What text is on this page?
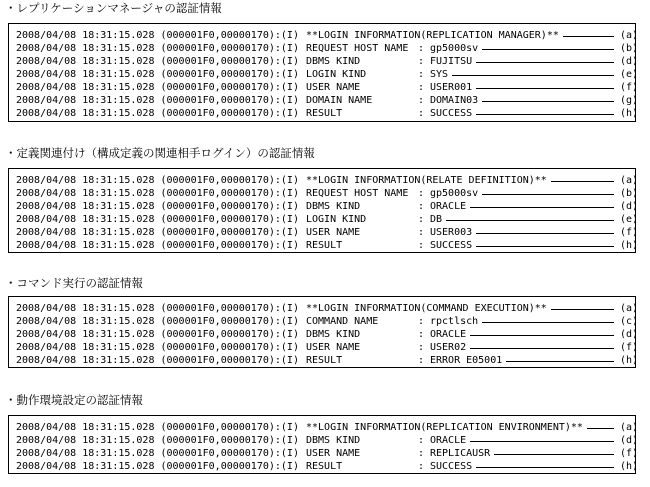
・レプリケーションマネージャの認証情報
2008/04/08 18:31:15.028 (000001F0,00000170):(I) **LOGIN INFORMATION(REPLICATION MANAGER)**	(a)
2008/04/08 18:31:15.028 (000001F0,00000170):(I) REQUEST HOST NAME : gp5000sv	(b)
2008/04/08 18:31:15.028 (000001F0,00000170):(I) DBMS KIND	: FUJITSU	(d)
2008/04/08 18:31:15.028 (000001F0,00000170):(I) LOGIN KIND	: SYS	(e)
2008/04/08 18:31:15.028 (000001F0,00000170):(I) USER NAME	: USER001	(f)
2008/04/08 18:31:15.028 (000001F0,00000170):(I) DOMAIN NAME	: DOMAIN03	(g)
2008/04/08 18:31:15.028 (000001F0,00000170):(I) RESULT	: SUCCESS	(h)
・定義関連付け（構成定義の関連相手ログイン）の認証情報
2008/04/08 18:31:15.028 (000001F0,00000170):(I) **LOGIN INFORMATION(RELATE DEFINITION)**	(a)
2008/04/08 18:31:15.028 (000001F0,00000170):(I) REQUEST HOST NAME : gp5000sv	(b)
2008/04/08 18:31:15.028 (000001F0,00000170):(I) DBMS KIND	: ORACLE	(d)
2008/04/08 18:31:15.028 (000001F0,00000170):(I) LOGIN KIND	: DB	(e)
2008/04/08 18:31:15.028 (000001F0,00000170):(I) USER NAME	: USER003	(f)
2008/04/08 18:31:15.028 (000001F0,00000170):(I) RESULT	: SUCCESS	(h)
・コマンド実行の認証情報
2008/04/08 18:31:15.028 (000001F0,00000170):(I) **LOGIN INFORMATION(COMMAND EXECUTION)**	(a)
2008/04/08 18:31:15.028 (000001F0,00000170):(I) COMMAND NAME	: rpctlsch	(c)
2008/04/08 18:31:15.028 (000001F0,00000170):(I) DBMS KIND	: ORACLE	(d)
2008/04/08 18:31:15.028 (000001F0,00000170):(I) USER NAME	: USER02	(f)
2008/04/08 18:31:15.028 (000001F0,00000170):(I) RESULT	: ERROR E05001	(h)
・動作環境設定の認証情報
2008/04/08 18:31:15.028 (000001F0,00000170):(I) **LOGIN INFORMATION(REPLICATION ENVIRONMENT)**	(a)
2008/04/08 18:31:15.028 (000001F0,00000170):(I) DBMS KIND	: ORACLE	(d)
2008/04/08 18:31:15.028 (000001F0,00000170):(I) USER NAME	: REPLICAUSR	(f)
2008/04/08 18:31:15.028 (000001F0,00000170):(I) RESULT	: SUCCESS	(h)
